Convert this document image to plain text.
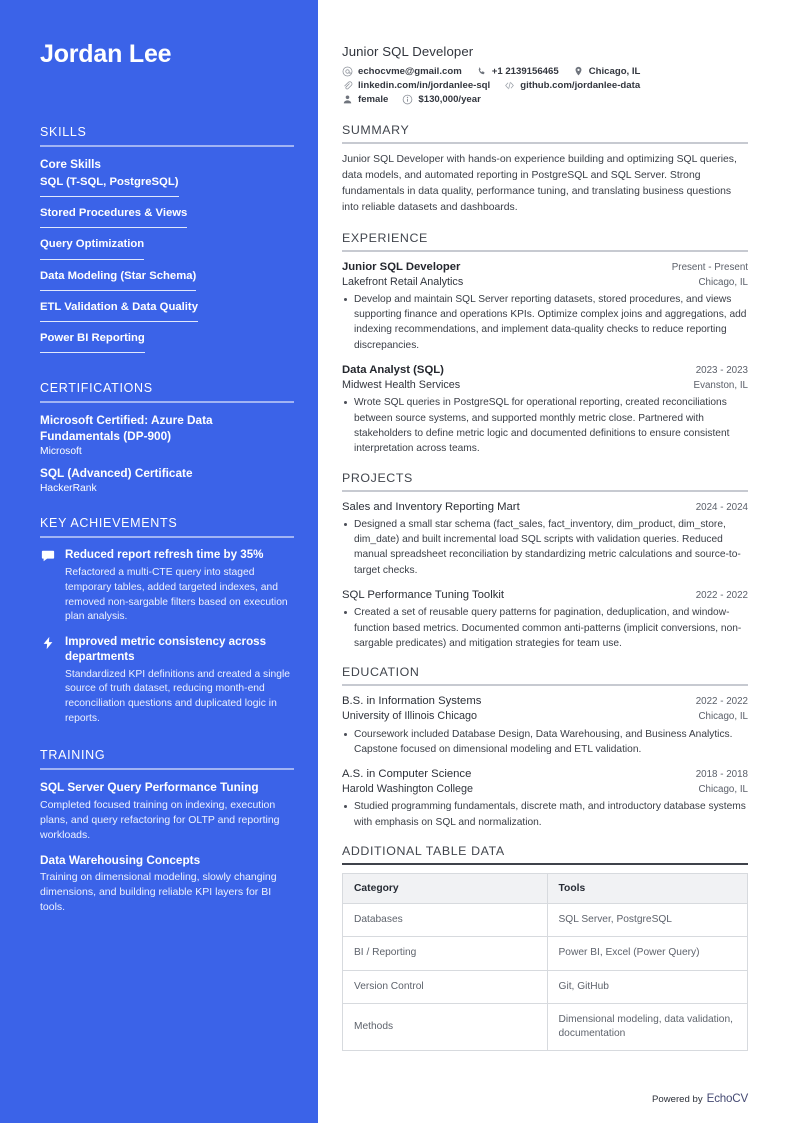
Jordan Lee
SKILLS
Core Skills
SQL (T-SQL, PostgreSQL)
Stored Procedures & Views
Query Optimization
Data Modeling (Star Schema)
ETL Validation & Data Quality
Power BI Reporting
CERTIFICATIONS
Microsoft Certified: Azure Data Fundamentals (DP-900)
Microsoft
SQL (Advanced) Certificate
HackerRank
KEY ACHIEVEMENTS
Reduced report refresh time by 35%
Refactored a multi-CTE query into staged temporary tables, added targeted indexes, and removed non-sargable filters based on execution plan analysis.
Improved metric consistency across departments
Standardized KPI definitions and created a single source of truth dataset, reducing month-end reconciliation questions and duplicated logic in reports.
TRAINING
SQL Server Query Performance Tuning
Completed focused training on indexing, execution plans, and query refactoring for OLTP and reporting workloads.
Data Warehousing Concepts
Training on dimensional modeling, slowly changing dimensions, and building reliable KPI layers for BI tools.
Junior SQL Developer
echocvme@gmail.com	+1 2139156465	Chicago, IL
linkedin.com/in/jordanlee-sql	github.com/jordanlee-data
female	$130,000/year
SUMMARY

Junior SQL Developer with hands-on experience building and optimizing SQL queries, data models, and automated reporting in PostgreSQL and SQL Server. Strong fundamentals in data quality, performance tuning, and translating business questions into reliable datasets and dashboards.

EXPERIENCE
Junior SQL Developer	Present - Present
Lakefront Retail Analytics	Chicago, IL
Develop and maintain SQL Server reporting datasets, stored procedures, and views supporting finance and operations KPIs. Optimize complex joins and aggregations, add indexing recommendations, and implement data-quality checks to reduce reporting discrepancies.
Data Analyst (SQL)	2023 - 2023
Midwest Health Services	Evanston, IL
Wrote SQL queries in PostgreSQL for operational reporting, created reconciliations between source systems, and supported monthly metric close. Partnered with stakeholders to define metric logic and documented definitions to ensure consistent interpretation across teams.
PROJECTS
Sales and Inventory Reporting Mart	2024 - 2024
Designed a small star schema (fact_sales, fact_inventory, dim_product, dim_store, dim_date) and built incremental load SQL scripts with validation queries. Reduced manual spreadsheet reconciliation by standardizing metric calculations and source-to-target checks.
SQL Performance Tuning Toolkit	2022 - 2022
Created a set of reusable query patterns for pagination, deduplication, and window-function based metrics. Documented common anti-patterns (implicit conversions, non-sargable predicates) and mitigation strategies for team use.
EDUCATION
B.S. in Information Systems	2022 - 2022
University of Illinois Chicago	Chicago, IL
Coursework included Database Design, Data Warehousing, and Business Analytics. Capstone focused on dimensional modeling and ETL validation.
A.S. in Computer Science	2018 - 2018
Harold Washington College	Chicago, IL
Studied programming fundamentals, discrete math, and introductory database systems with emphasis on SQL and normalization.
ADDITIONAL TABLE DATA
Category	Tools
Databases	SQL Server, PostgreSQL
BI / Reporting	Power BI, Excel (Power Query)
Version Control	Git, GitHub
Methods	Dimensional modeling, data validation, documentation
Powered by EchoCV
